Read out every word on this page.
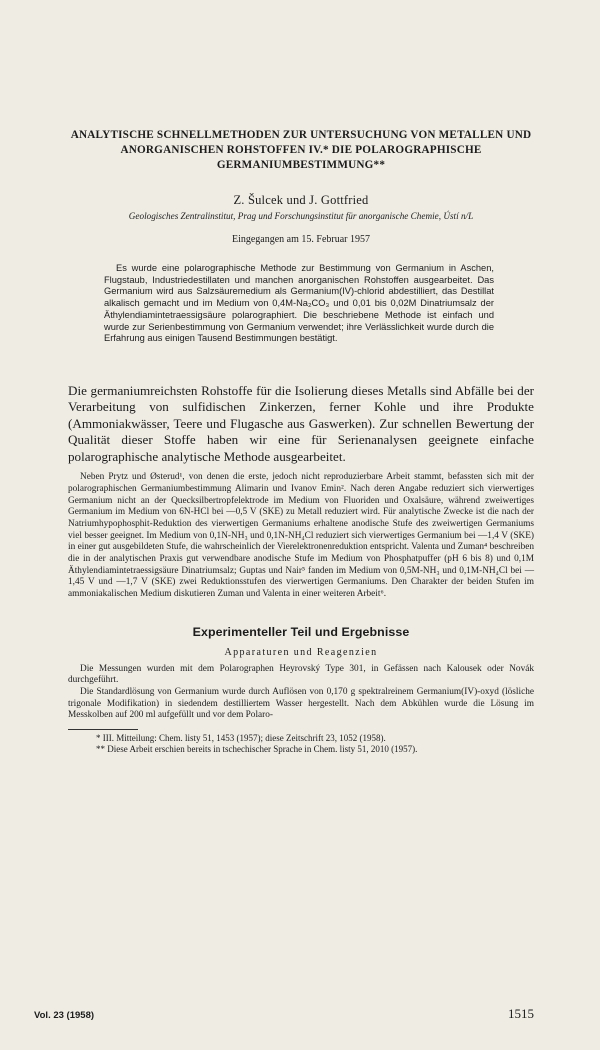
ANALYTISCHE SCHNELLMETHODEN ZUR UNTERSUCHUNG VON METALLEN UND ANORGANISCHEN ROHSTOFFEN IV.* DIE POLAROGRAPHISCHE GERMANIUMBESTIMMUNG**
Z. Šulcek und J. Gottfried
Geologisches Zentralinstitut, Prag und Forschungsinstitut für anorganische Chemie, Ústí n/L
Eingegangen am 15. Februar 1957
Es wurde eine polarographische Methode zur Bestimmung von Germanium in Aschen, Flugstaub, Industriedestillaten und manchen anorganischen Rohstoffen ausgearbeitet. Das Germanium wird aus Salzsäuremedium als Germanium(IV)-chlorid abdestilliert, das Destillat alkalisch gemacht und im Medium von 0,4M-Na₂CO₃ und 0,01 bis 0,02M Dinatriumsalz der Äthylendiamintetraessigsäure polarographiert. Die beschriebene Methode ist einfach und wurde zur Serienbestimmung von Germanium verwendet; ihre Verlässlichkeit wurde durch die Erfahrung aus einigen Tausend Bestimmungen bestätigt.
Die germaniumreichsten Rohstoffe für die Isolierung dieses Metalls sind Abfälle bei der Verarbeitung von sulfidischen Zinkerzen, ferner Kohle und ihre Produkte (Ammoniakwässer, Teere und Flugasche aus Gaswerken). Zur schnellen Bewertung der Qualität dieser Stoffe haben wir eine für Serienanalysen geeignete einfache polarographische analytische Methode ausgearbeitet.
Neben Prytz und Østerud¹, von denen die erste, jedoch nicht reproduzierbare Arbeit stammt, befassten sich mit der polarographischen Germaniumbestimmung Alimarin und Ivanov Emin². Nach deren Angabe reduziert sich vierwertiges Germanium nicht an der Quecksilbertropfelektrode im Medium von Fluoriden und Oxalsäure, während zweiwertiges Germanium im Medium von 6N-HCl bei —0,5 V (SKE) zu Metall reduziert wird. Für analytische Zwecke ist die nach der Natriumhypophosphit-Reduktion des vierwertigen Germaniums erhaltene anodische Stufe des zweiwertigen Germaniums viel besser geeignet. Im Medium von 0,1N-NH₃ und 0,1N-NH₄Cl reduziert sich vierwertiges Germanium bei —1,4 V (SKE) in einer gut ausgebildeten Stufe, die wahrscheinlich der Vierelektronenreduktion entspricht. Valenta und Zuman⁴ beschreiben die in der analytischen Praxis gut verwendbare anodische Stufe im Medium von Phosphatpuffer (pH 6 bis 8) und 0,1M Äthylendiamintetraessigsäure Dinatriumsalz; Guptas und Nair⁵ fanden im Medium von 0,5M-NH₃ und 0,1M-NH₄Cl bei —1,45 V und —1,7 V (SKE) zwei Reduktionsstufen des vierwertigen Germaniums. Den Charakter der beiden Stufen im ammoniakalischen Medium diskutieren Zuman und Valenta in einer weiteren Arbeit⁶.
Experimenteller Teil und Ergebnisse
Apparaturen und Reagenzien
Die Messungen wurden mit dem Polarographen Heyrovský Type 301, in Gefässen nach Kalousek oder Novák durchgeführt.
Die Standardlösung von Germanium wurde durch Auflösen von 0,170 g spektralreinem Germanium(IV)-oxyd (lösliche trigonale Modifikation) in siedendem destilliertem Wasser hergestellt. Nach dem Abkühlen wurde die Lösung im Messkolben auf 200 ml aufgefüllt und vor dem Polaro-
* III. Mitteilung: Chem. listy 51, 1453 (1957); diese Zeitschrift 23, 1052 (1958).
** Diese Arbeit erschien bereits in tschechischer Sprache in Chem. listy 51, 2010 (1957).
Vol. 23 (1958)	1515
